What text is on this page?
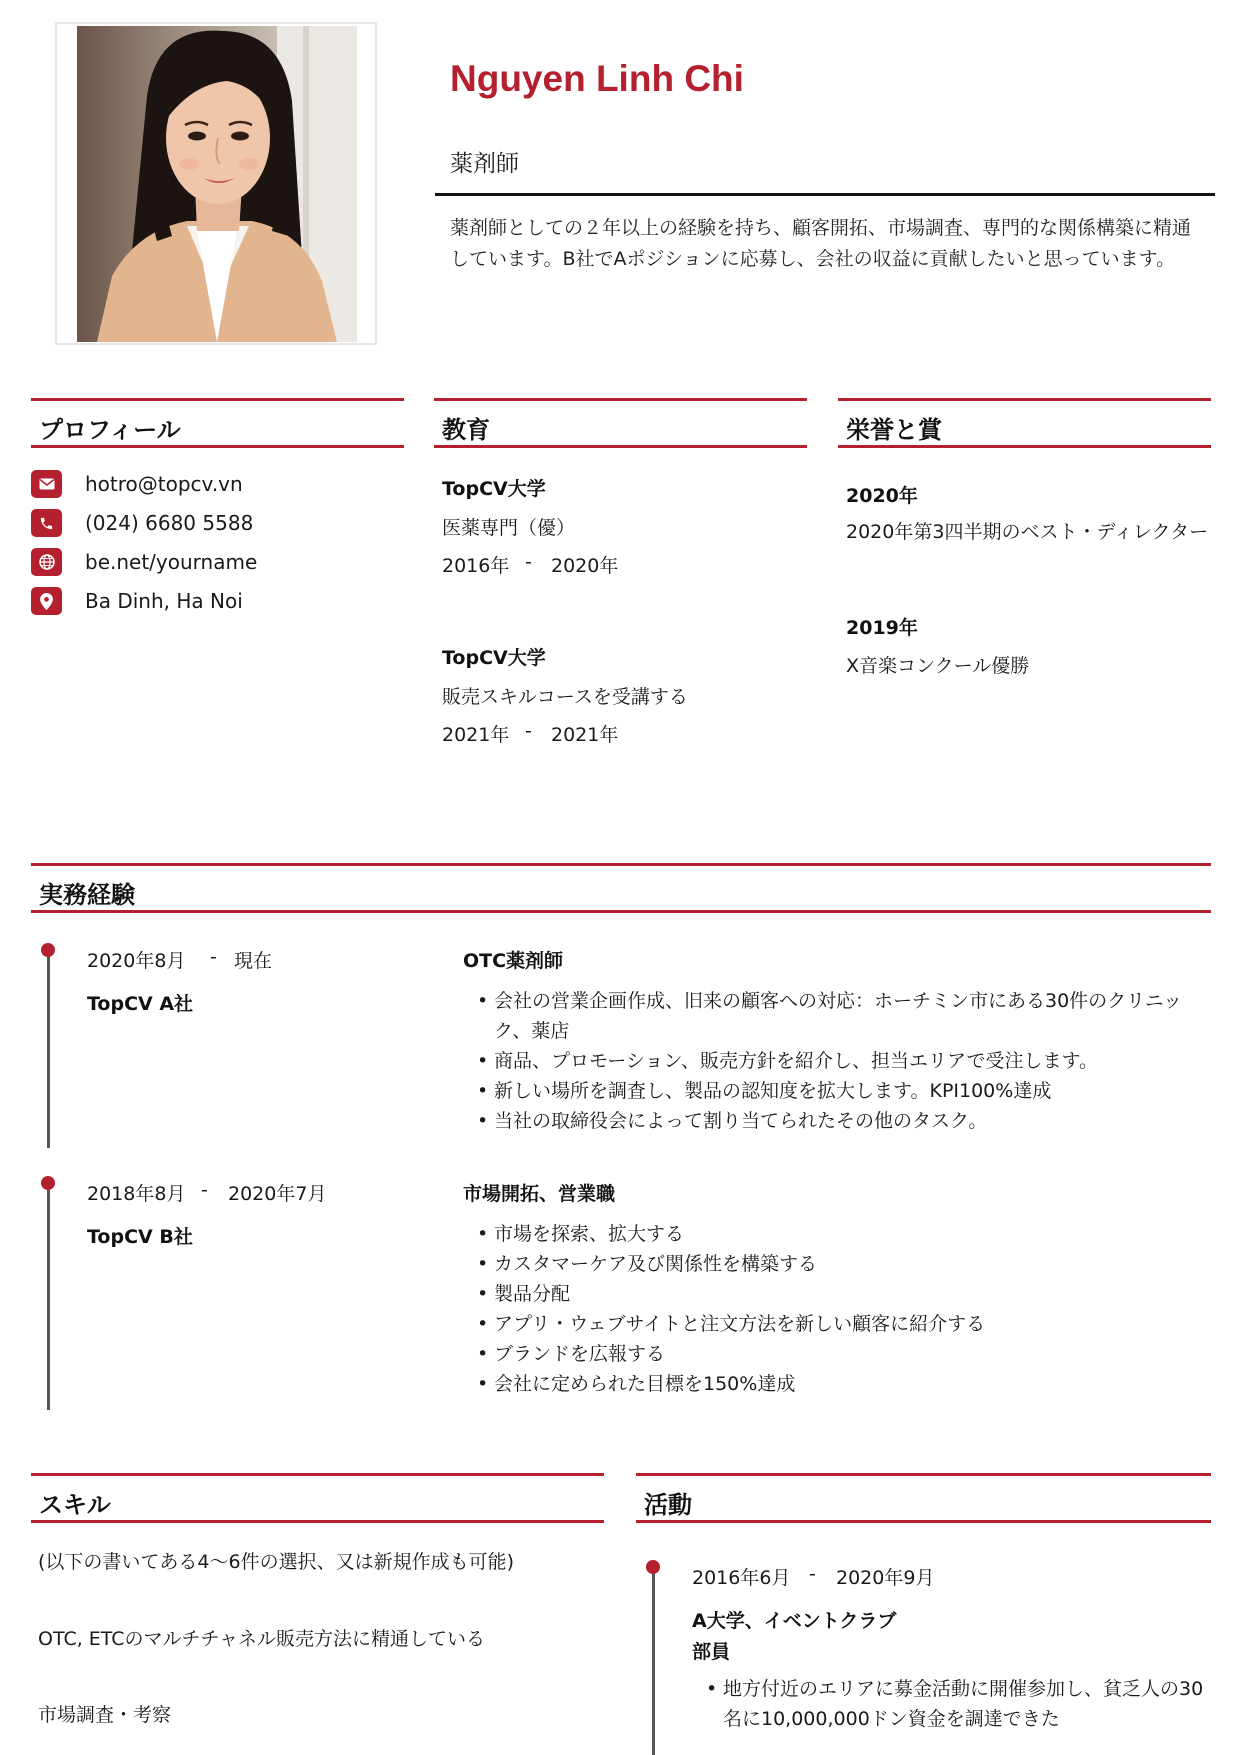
Nguyen Linh Chi
薬剤師
薬剤師としての２年以上の経験を持ち、顧客開拓、市場調査、専門的な関係構築に精通しています。B社でAポジションに応募し、会社の収益に貢献したいと思っています。
プロフィール
hotro@topcv.vn
(024) 6680 5588
be.net/yourname
Ba Dinh, Ha Noi
教育
TopCV大学
医薬専門（優）
2016年 - 2020年
TopCV大学
販売スキルコースを受講する
2021年 - 2021年
栄誉と賞
2020年
2020年第3四半期のベスト・ディレクター
2019年
X音楽コンクール優勝
実務経験
2020年8月 - 現在
TopCV A社
OTC薬剤師
• 会社の営業企画作成、旧来の顧客への対応：ホーチミン市にある30件のクリニック、薬店
• 商品、プロモーション、販売方針を紹介し、担当エリアで受注します。
• 新しい場所を調査し、製品の認知度を拡大します。KPI100%達成
• 当社の取締役会によって割り当てられたその他のタスク。
2018年8月 - 2020年7月
TopCV B社
市場開拓、営業職
• 市場を探索、拡大する
• カスタマーケア及び関係性を構築する
• 製品分配
• アプリ・ウェブサイトと注文方法を新しい顧客に紹介する
• ブランドを広報する
• 会社に定められた目標を150%達成
スキル
(以下の書いてある4～6件の選択、又は新規作成も可能)
OTC, ETCのマルチチャネル販売方法に精通している
市場調査・考察
活動
2016年6月 - 2020年9月
A大学、イベントクラブ
部員
• 地方付近のエリアに募金活動に開催参加し、貧乏人の30名に10,000,000ドン資金を調達できた
